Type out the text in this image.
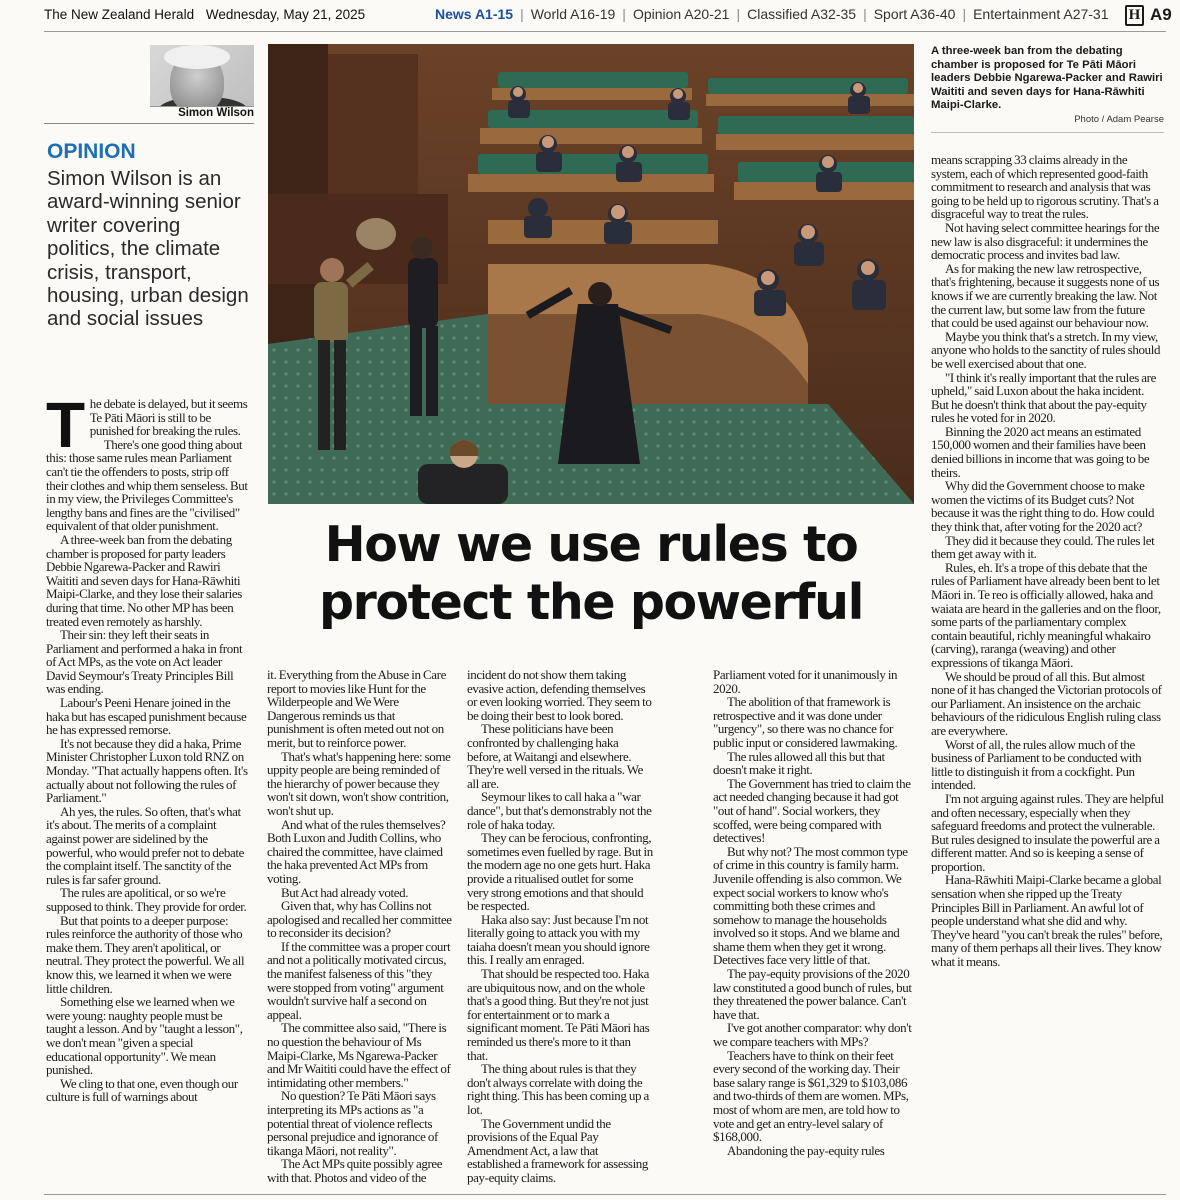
The New Zealand Herald Wednesday, May 21, 2025	News A1-15 | World A16-19 | Opinion A20-21 | Classified A32-35 | Sport A36-40 | Entertainment A27-31 H A9
Simon Wilson
OPINION
Simon Wilson is an award-winning senior writer covering politics, the climate crisis, transport, housing, urban design and social issues
A three-week ban from the debating chamber is proposed for Te Pāti Māori leaders Debbie Ngarewa-Packer and Rawiri Waititi and seven days for Hana-Rāwhiti Maipi-Clarke.
Photo / Adam Pearse
How we use rules to
protect the powerful
T he debate is delayed, but it seems Te Pāti Māori is still to be punished for breaking the rules.

There's one good thing about this: those same rules mean Parliament can't tie the offenders to posts, strip off their clothes and whip them senseless. But in my view, the Privileges Committee's lengthy bans and fines are the "civilised" equivalent of that older punishment.

A three-week ban from the debating chamber is proposed for party leaders Debbie Ngarewa-Packer and Rawiri Waititi and seven days for Hana-Rāwhiti Maipi-Clarke, and they lose their salaries during that time. No other MP has been treated even remotely as harshly.

Their sin: they left their seats in Parliament and performed a haka in front of Act MPs, as the vote on Act leader David Seymour's Treaty Principles Bill was ending.

Labour's Peeni Henare joined in the haka but has escaped punishment because he has expressed remorse.

It's not because they did a haka, Prime Minister Christopher Luxon told RNZ on Monday. "That actually happens often. It's actually about not following the rules of Parliament."

Ah yes, the rules. So often, that's what it's about. The merits of a complaint against power are sidelined by the powerful, who would prefer not to debate the complaint itself. The sanctity of the rules is far safer ground.

The rules are apolitical, or so we're supposed to think. They provide for order.

But that points to a deeper purpose: rules reinforce the authority of those who make them. They aren't apolitical, or neutral. They protect the powerful. We all know this, we learned it when we were little children.

Something else we learned when we were young: naughty people must be taught a lesson. And by "taught a lesson", we don't mean "given a special educational opportunity". We mean punished.

We cling to that one, even though our culture is full of warnings about

it. Everything from the Abuse in Care report to movies like Hunt for the Wilderpeople and We Were Dangerous reminds us that punishment is often meted out not on merit, but to reinforce power.

That's what's happening here: some uppity people are being reminded of the hierarchy of power because they won't sit down, won't show contrition, won't shut up.

And what of the rules themselves? Both Luxon and Judith Collins, who chaired the committee, have claimed the haka prevented Act MPs from voting.

But Act had already voted.

Given that, why has Collins not apologised and recalled her committee to reconsider its decision?

If the committee was a proper court and not a politically motivated circus, the manifest falseness of this "they were stopped from voting" argument wouldn't survive half a second on appeal.

The committee also said, "There is no question the behaviour of Ms Maipi-Clarke, Ms Ngarewa-Packer and Mr Waititi could have the effect of intimidating other members."

No question? Te Pāti Māori says interpreting its MPs actions as "a potential threat of violence reflects personal prejudice and ignorance of tikanga Māori, not reality".

The Act MPs quite possibly agree with that. Photos and video of the

incident do not show them taking evasive action, defending themselves or even looking worried. They seem to be doing their best to look bored.

These politicians have been confronted by challenging haka before, at Waitangi and elsewhere. They're well versed in the rituals. We all are.

Seymour likes to call haka a "war dance", but that's demonstrably not the role of haka today.

They can be ferocious, confronting, sometimes even fuelled by rage. But in the modern age no one gets hurt. Haka provide a ritualised outlet for some very strong emotions and that should be respected.

Haka also say: Just because I'm not literally going to attack you with my taiaha doesn't mean you should ignore this. I really am enraged.

That should be respected too. Haka are ubiquitous now, and on the whole that's a good thing. But they're not just for entertainment or to mark a significant moment. Te Pāti Māori has reminded us there's more to it than that.

The thing about rules is that they don't always correlate with doing the right thing. This has been coming up a lot.

The Government undid the provisions of the Equal Pay Amendment Act, a law that established a framework for assessing pay-equity claims.

Parliament voted for it unanimously in 2020.

The abolition of that framework is retrospective and it was done under "urgency", so there was no chance for public input or considered lawmaking.

The rules allowed all this but that doesn't make it right.

The Government has tried to claim the act needed changing because it had got "out of hand". Social workers, they scoffed, were being compared with detectives!

But why not? The most common type of crime in this country is family harm. Juvenile offending is also common. We expect social workers to know who's committing both these crimes and somehow to manage the households involved so it stops. And we blame and shame them when they get it wrong. Detectives face very little of that.

The pay-equity provisions of the 2020 law constituted a good bunch of rules, but they threatened the power balance. Can't have that.

I've got another comparator: why don't we compare teachers with MPs?

Teachers have to think on their feet every second of the working day. Their base salary range is $61,329 to $103,086 and two-thirds of them are women. MPs, most of whom are men, are told how to vote and get an entry-level salary of $168,000.

Abandoning the pay-equity rules

means scrapping 33 claims already in the system, each of which represented good-faith commitment to research and analysis that was going to be held up to rigorous scrutiny. That's a disgraceful way to treat the rules.

Not having select committee hearings for the new law is also disgraceful: it undermines the democratic process and invites bad law.

As for making the new law retrospective, that's frightening, because it suggests none of us knows if we are currently breaking the law. Not the current law, but some law from the future that could be used against our behaviour now.

Maybe you think that's a stretch. In my view, anyone who holds to the sanctity of rules should be well exercised about that one.

"I think it's really important that the rules are upheld," said Luxon about the haka incident. But he doesn't think that about the pay-equity rules he voted for in 2020.

Binning the 2020 act means an estimated 150,000 women and their families have been denied billions in income that was going to be theirs.

Why did the Government choose to make women the victims of its Budget cuts? Not because it was the right thing to do. How could they think that, after voting for the 2020 act?

They did it because they could. The rules let them get away with it.

Rules, eh. It's a trope of this debate that the rules of Parliament have already been bent to let Māori in. Te reo is officially allowed, haka and waiata are heard in the galleries and on the floor, some parts of the parliamentary complex contain beautiful, richly meaningful whakairo (carving), raranga (weaving) and other expressions of tikanga Māori.

We should be proud of all this. But almost none of it has changed the Victorian protocols of our Parliament. An insistence on the archaic behaviours of the ridiculous English ruling class are everywhere.

Worst of all, the rules allow much of the business of Parliament to be conducted with little to distinguish it from a cockfight. Pun intended.

I'm not arguing against rules. They are helpful and often necessary, especially when they safeguard freedoms and protect the vulnerable. But rules designed to insulate the powerful are a different matter. And so is keeping a sense of proportion.

Hana-Rāwhiti Maipi-Clarke became a global sensation when she ripped up the Treaty Principles Bill in Parliament. An awful lot of people understand what she did and why. They've heard "you can't break the rules" before, many of them perhaps all their lives. They know what it means.
